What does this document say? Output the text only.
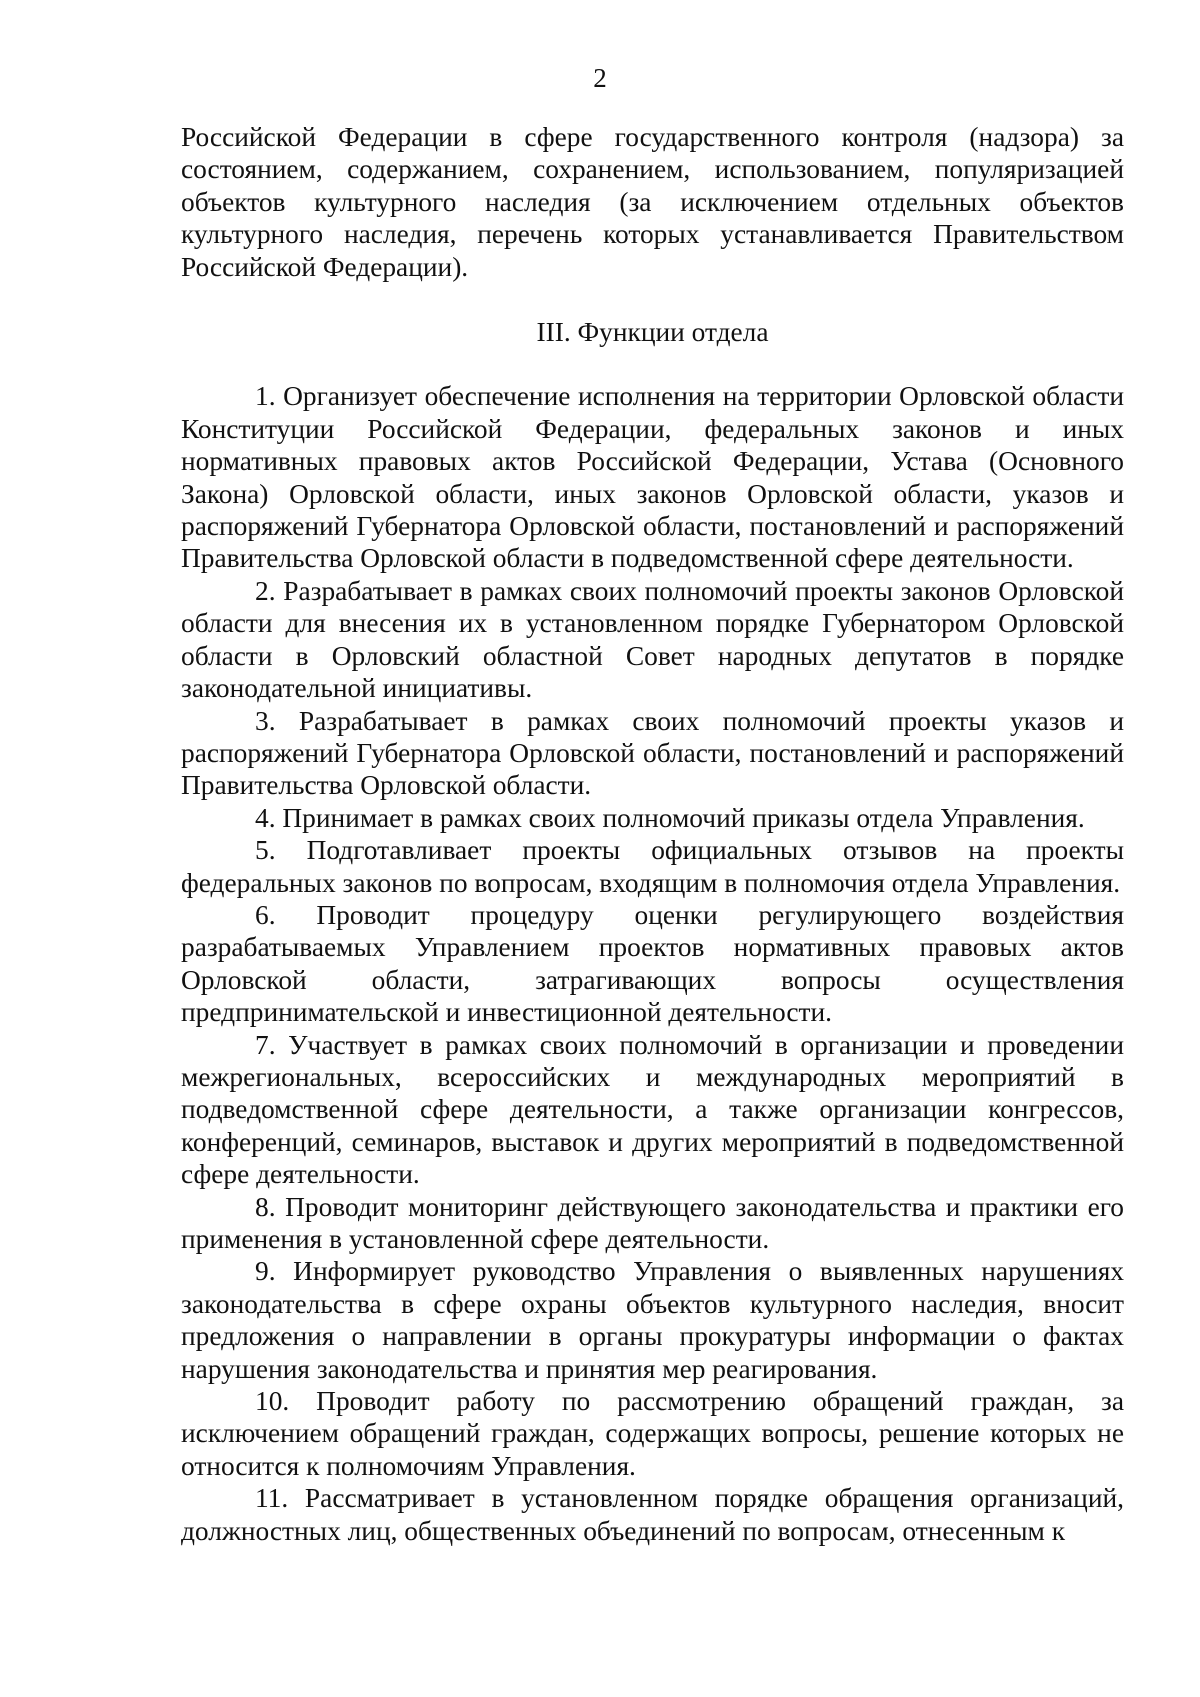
2

Российской Федерации в сфере государственного контроля (надзора) за состоянием, содержанием, сохранением, использованием, популяризацией объектов культурного наследия (за исключением отдельных объектов культурного наследия, перечень которых устанавливается Правительством Российской Федерации).

III. Функции отдела

1. Организует обеспечение исполнения на территории Орловской области Конституции Российской Федерации, федеральных законов и иных нормативных правовых актов Российской Федерации, Устава (Основного Закона) Орловской области, иных законов Орловской области, указов и распоряжений Губернатора Орловской области, постановлений и распоряжений Правительства Орловской области в подведомственной сфере деятельности.

2. Разрабатывает в рамках своих полномочий проекты законов Орловской области для внесения их в установленном порядке Губернатором Орловской области в Орловский областной Совет народных депутатов в порядке законодательной инициативы.

3. Разрабатывает в рамках своих полномочий проекты указов и распоряжений Губернатора Орловской области, постановлений и распоряжений Правительства Орловской области.

4. Принимает в рамках своих полномочий приказы отдела Управления.

5. Подготавливает проекты официальных отзывов на проекты федеральных законов по вопросам, входящим в полномочия отдела Управления.

6. Проводит процедуру оценки регулирующего воздействия разрабатываемых Управлением проектов нормативных правовых актов Орловской области, затрагивающих вопросы осуществления предпринимательской и инвестиционной деятельности.

7. Участвует в рамках своих полномочий в организации и проведении межрегиональных, всероссийских и международных мероприятий в подведомственной сфере деятельности, а также организации конгрессов, конференций, семинаров, выставок и других мероприятий в подведомственной сфере деятельности.

8. Проводит мониторинг действующего законодательства и практики его применения в установленной сфере деятельности.

9. Информирует руководство Управления о выявленных нарушениях законодательства в сфере охраны объектов культурного наследия, вносит предложения о направлении в органы прокуратуры информации о фактах нарушения законодательства и принятия мер реагирования.

10. Проводит работу по рассмотрению обращений граждан, за исключением обращений граждан, содержащих вопросы, решение которых не относится к полномочиям Управления.

11. Рассматривает в установленном порядке обращения организаций, должностных лиц, общественных объединений по вопросам, отнесенным к
